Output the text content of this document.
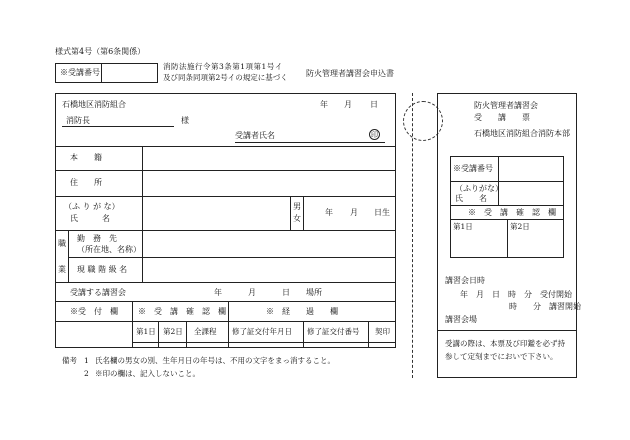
様式第4号（第6条関係）
※受講番号
消防法施行令第3条第1項第1号イ
及び同条同項第2号イの規定に基づく 防火管理者講習会申込書
石橋地区消防組合	年 月 日
消防長	様
受講者氏名	印
本　　籍
住　　所
（ふ り が な）
氏　　　名
男
女
年 月 日生
職
業
勤　務　先
（所在地、名称）
現 職 階 級 名
受講する講習会	年	月	日 場所
※受　付　欄	※　受　講　確　認　欄	※　経　　過　　欄
第1日 第2日 全課程 修了証交付年月日 修了証交付番号 契印
備考 1 氏名欄の男女の別、生年月日の年号は、不用の文字をまっ消すること。
2 ※印の欄は、記入しないこと。
防火管理者講習会
受　　講　　票
石橋地区消防組合消防本部
※受講番号
（ふりがな）
氏　　名
※　受　講　確　認　欄
第1日	第2日
講習会日時
年　月　日　時　分　受付開始
時　　分　講習開始
講習会場
受講の際は、本票及び印鑑を必ず持
参して定刻までにおいで下さい。
